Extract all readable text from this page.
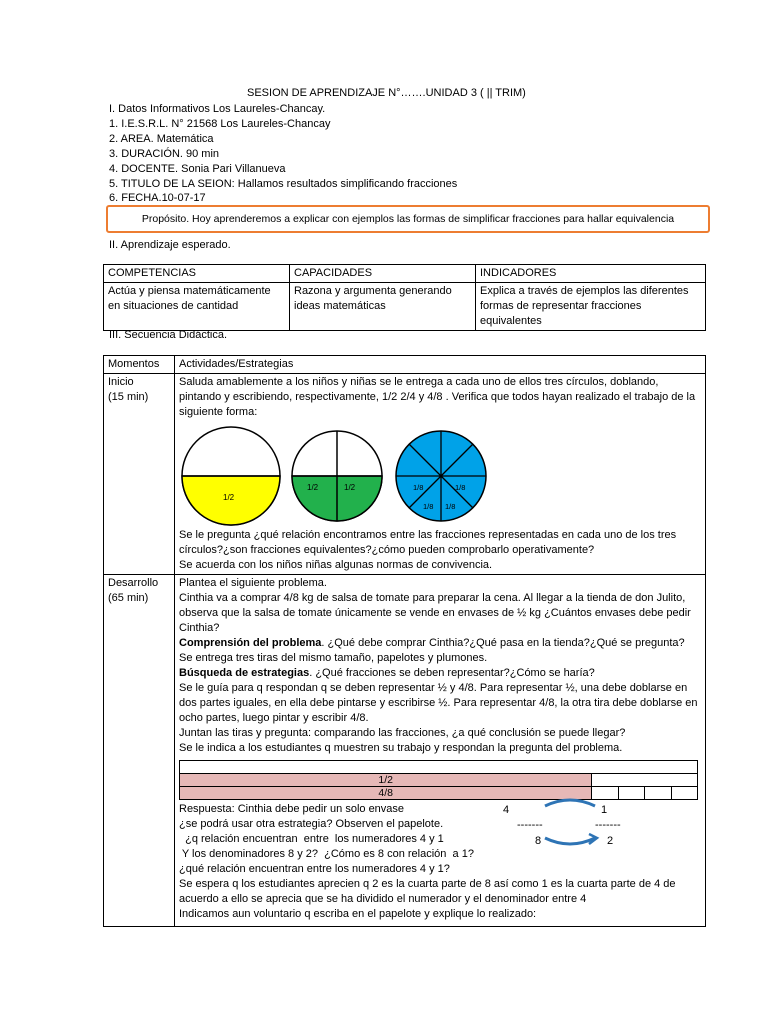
SESION DE APRENDIZAJE N°…….UNIDAD 3 ( || TRIM)
I. Datos Informativos Los Laureles-Chancay.
1. I.E.S.R.L. N° 21568 Los Laureles-Chancay
2. AREA. Matemática
3. DURACIÓN. 90 min
4. DOCENTE. Sonia Pari Villanueva
5. TITULO DE LA SEION: Hallamos resultados simplificando fracciones
6. FECHA.10-07-17
Propósito. Hoy aprenderemos a explicar con ejemplos las formas de simplificar fracciones para hallar equivalencia
II. Aprendizaje esperado.
COMPETENCIAS	CAPACIDADES	INDICADORES
Actúa y piensa matemáticamente en situaciones de cantidad	Razona y argumenta generando ideas matemáticas	Explica a través de ejemplos las diferentes formas de representar fracciones equivalentes
III. Secuencia Didáctica.
Momentos	Actividades/Estrategias

Inicio
(15 min)

Saluda amablemente a los niños y niñas se le entrega a cada uno de ellos tres círculos, doblando, pintando y escribiendo, respectivamente, 1/2 2/4 y 4/8 . Verifica que todos hayan realizado el trabajo de la siguiente forma:
1/2
1/2	1/2	1/8	1/8
1/8 1/8
Se le pregunta ¿qué relación encontramos entre las fracciones representadas en cada uno de los tres círculos?¿son fracciones equivalentes?¿cómo pueden comprobarlo operativamente?
Se acuerda con los niños niñas algunas normas de convivencia.

Desarrollo
(65 min)

Plantea el siguiente problema.
Cinthia va a comprar 4/8 kg de salsa de tomate para preparar la cena. Al llegar a la tienda de don Julito, observa que la salsa de tomate únicamente se vende en envases de ½ kg ¿Cuántos envases debe pedir Cinthia?
Comprensión del problema. ¿Qué debe comprar Cinthia?¿Qué pasa en la tienda?¿Qué se pregunta? Se entrega tres tiras del mismo tamaño, papelotes y plumones.
Búsqueda de estrategias. ¿Qué fracciones se deben representar?¿Cómo se haría?
Se le guía para q respondan q se deben representar ½ y 4/8. Para representar ½, una debe doblarse en dos partes iguales, en ella debe pintarse y escribirse ½. Para representar 4/8, la otra tira debe doblarse en ocho partes, luego pintar y escribir 4/8.
Juntan las tiras y pregunta: comparando las fracciones, ¿a qué conclusión se puede llegar?
Se le indica a los estudiantes q muestren su trabajo y respondan la pregunta del problema.

1/2	
4/8				
Respuesta: Cinthia debe pedir un solo envase
¿se podrá usar otra estrategia? Observen el papelote.
¿q relación encuentran  entre  los numeradores 4 y 1
Y los denominadores 8 y 2?  ¿Cómo es 8 con relación  a 1?
¿qué relación encuentran entre los numeradores 4 y 1?
4	1
-------	-------
8	2
Se espera q los estudiantes aprecien q 2 es la cuarta parte de 8 así como 1 es la cuarta parte de 4 de acuerdo a ello se aprecia que se ha dividido el numerador y el denominador entre 4
Indicamos aun voluntario q escriba en el papelote y explique lo realizado:
